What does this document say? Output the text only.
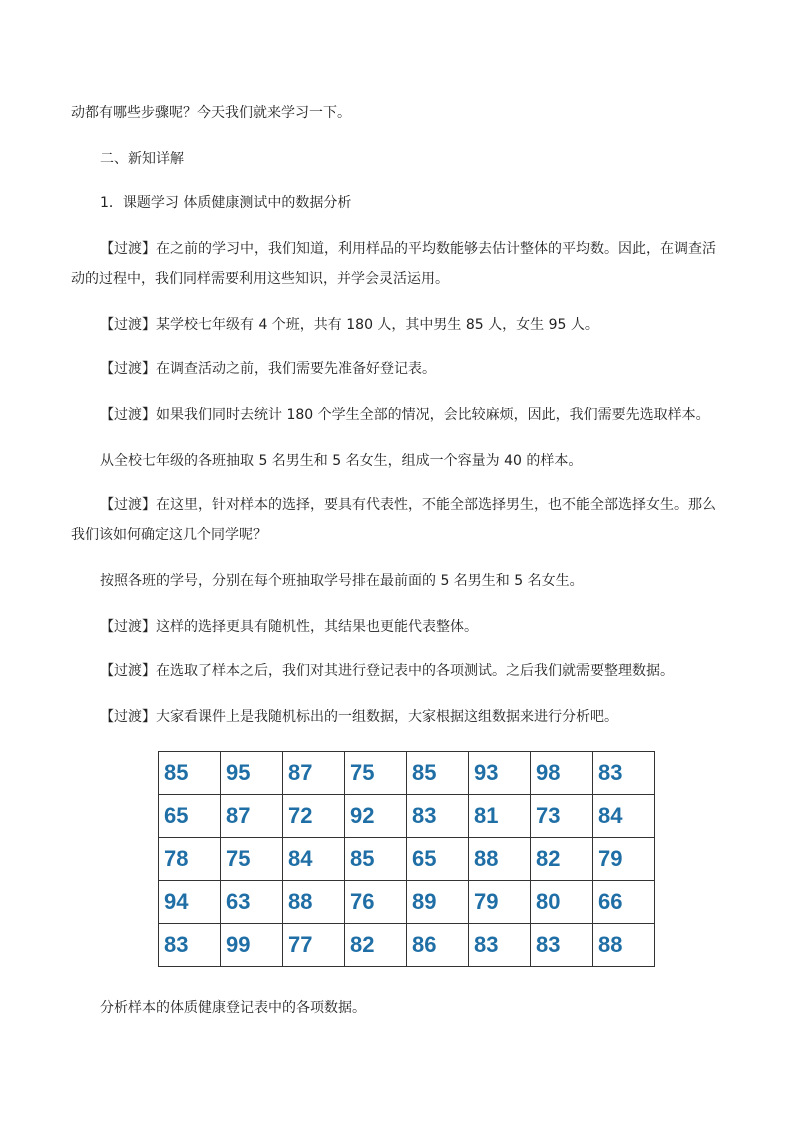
动都有哪些步骤呢？今天我们就来学习一下。
二、新知详解
1．课题学习 体质健康测试中的数据分析
【过渡】在之前的学习中，我们知道，利用样品的平均数能够去估计整体的平均数。因此，在调查活
动的过程中，我们同样需要利用这些知识，并学会灵活运用。
【过渡】某学校七年级有 4 个班，共有 180 人，其中男生 85 人，女生 95 人。
【过渡】在调查活动之前，我们需要先准备好登记表。
【过渡】如果我们同时去统计 180 个学生全部的情况，会比较麻烦，因此，我们需要先选取样本。
从全校七年级的各班抽取 5 名男生和 5 名女生，组成一个容量为 40 的样本。
【过渡】在这里，针对样本的选择，要具有代表性，不能全部选择男生，也不能全部选择女生。那么
我们该如何确定这几个同学呢？
按照各班的学号，分别在每个班抽取学号排在最前面的 5 名男生和 5 名女生。
【过渡】这样的选择更具有随机性，其结果也更能代表整体。
【过渡】在选取了样本之后，我们对其进行登记表中的各项测试。之后我们就需要整理数据。
【过渡】大家看课件上是我随机标出的一组数据，大家根据这组数据来进行分析吧。
85	95	87	75	85	93	98	83
65	87	72	92	83	81	73	84
78	75	84	85	65	88	82	79
94	63	88	76	89	79	80	66
83	99	77	82	86	83	83	88
分析样本的体质健康登记表中的各项数据。
